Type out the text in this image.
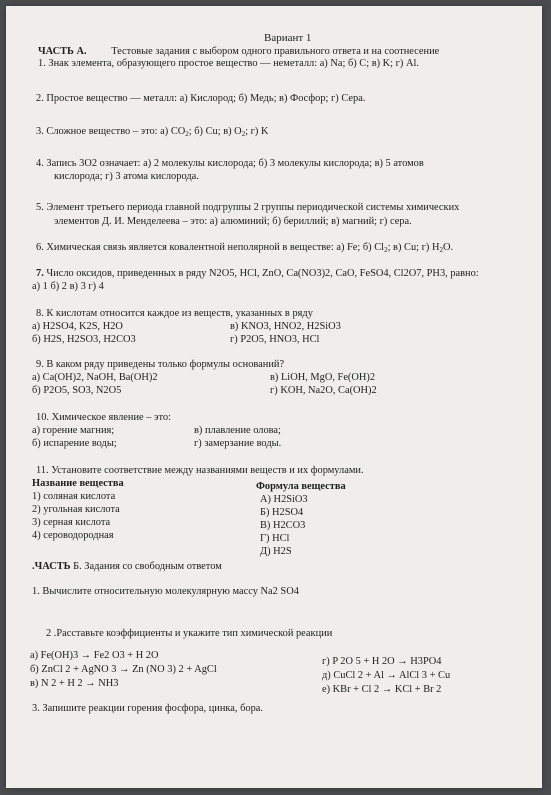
Вариант 1
ЧАСТЬ А. Тестовые задания с выбором одного правильного ответа и на соотнесение
1. Знак элемента, образующего простое вещество — неметалл: а) Na; б) C; в) K; г) Al.
2. Простое вещество — металл: а) Кислород; б) Медь; в) Фосфор; г) Сера.
3. Сложное вещество – это: а) $CO_2$; б) Cu; в) $O_2$; г) K
4. Запись 3O2 означает: а) 2 молекулы кислорода; б) 3 молекулы кислорода; в) 5 атомов
кислорода; г) 3 атома кислорода.
5. Элемент третьего периода главной подгруппы 2 группы периодической системы химических
элементов Д. И. Менделеева – это: а) алюминий; б) бериллий; в) магний; г) сера.
6. Химическая связь является ковалентной неполярной в веществе: а) Fe; б) $Cl_2$; в) Cu; г) $H_2O$.
7. Число оксидов, приведенных в ряду N2O5, HCl, ZnO, Ca(NO3)2, CaO, FeSO4, Cl2O7, PH3, равно:
а) 1 б) 2 в) 3 г) 4
8. К кислотам относится каждое из веществ, указанных в ряду
а) H2SO4, K2S, H2O	в) KNO3, HNO2, H2SiO3
б) H2S, H2SO3, H2CO3	г) P2O5, HNO3, HCl
9. В каком ряду приведены только формулы оснований?
а) Ca(OH)2, NaOH, Ba(OH)2	в) LiOH, MgO, Fe(OH)2
б) P2O5, SO3, N2O5	г) KOH, Na2O, Ca(OH)2
10. Химическое явление – это:
а) горение магния;	в) плавление олова;
б) испарение воды;	г) замерзание воды.
11. Установите соответствие между названиями веществ и их формулами.
Название вещества
1) соляная кислота
2) угольная кислота
3) серная кислота
4) сероводородная
Формула вещества
А) H2SiO3
Б) H2SO4
В) H2CO3
Г) HCl
Д) H2S
.ЧАСТЬ Б. Задания со свободным ответом
1. Вычислите относительную молекулярную массу Na2 SO4
2 .Расставьте коэффициенты и укажите тип химической реакции
а) Fe(OH)3 → Fe2 O3 + H 2O
б) ZnCl 2 + AgNO 3 → Zn (NO 3) 2 + AgCl
в) N 2 + H 2 → NH3
г) P 2O 5 + H 2O → H3PO4
д) CuCl 2 + Al → AlCl 3 + Cu
е) KBr + Cl 2 → KCl + Br 2
3. Запишите реакции горения фосфора, цинка, бора.
